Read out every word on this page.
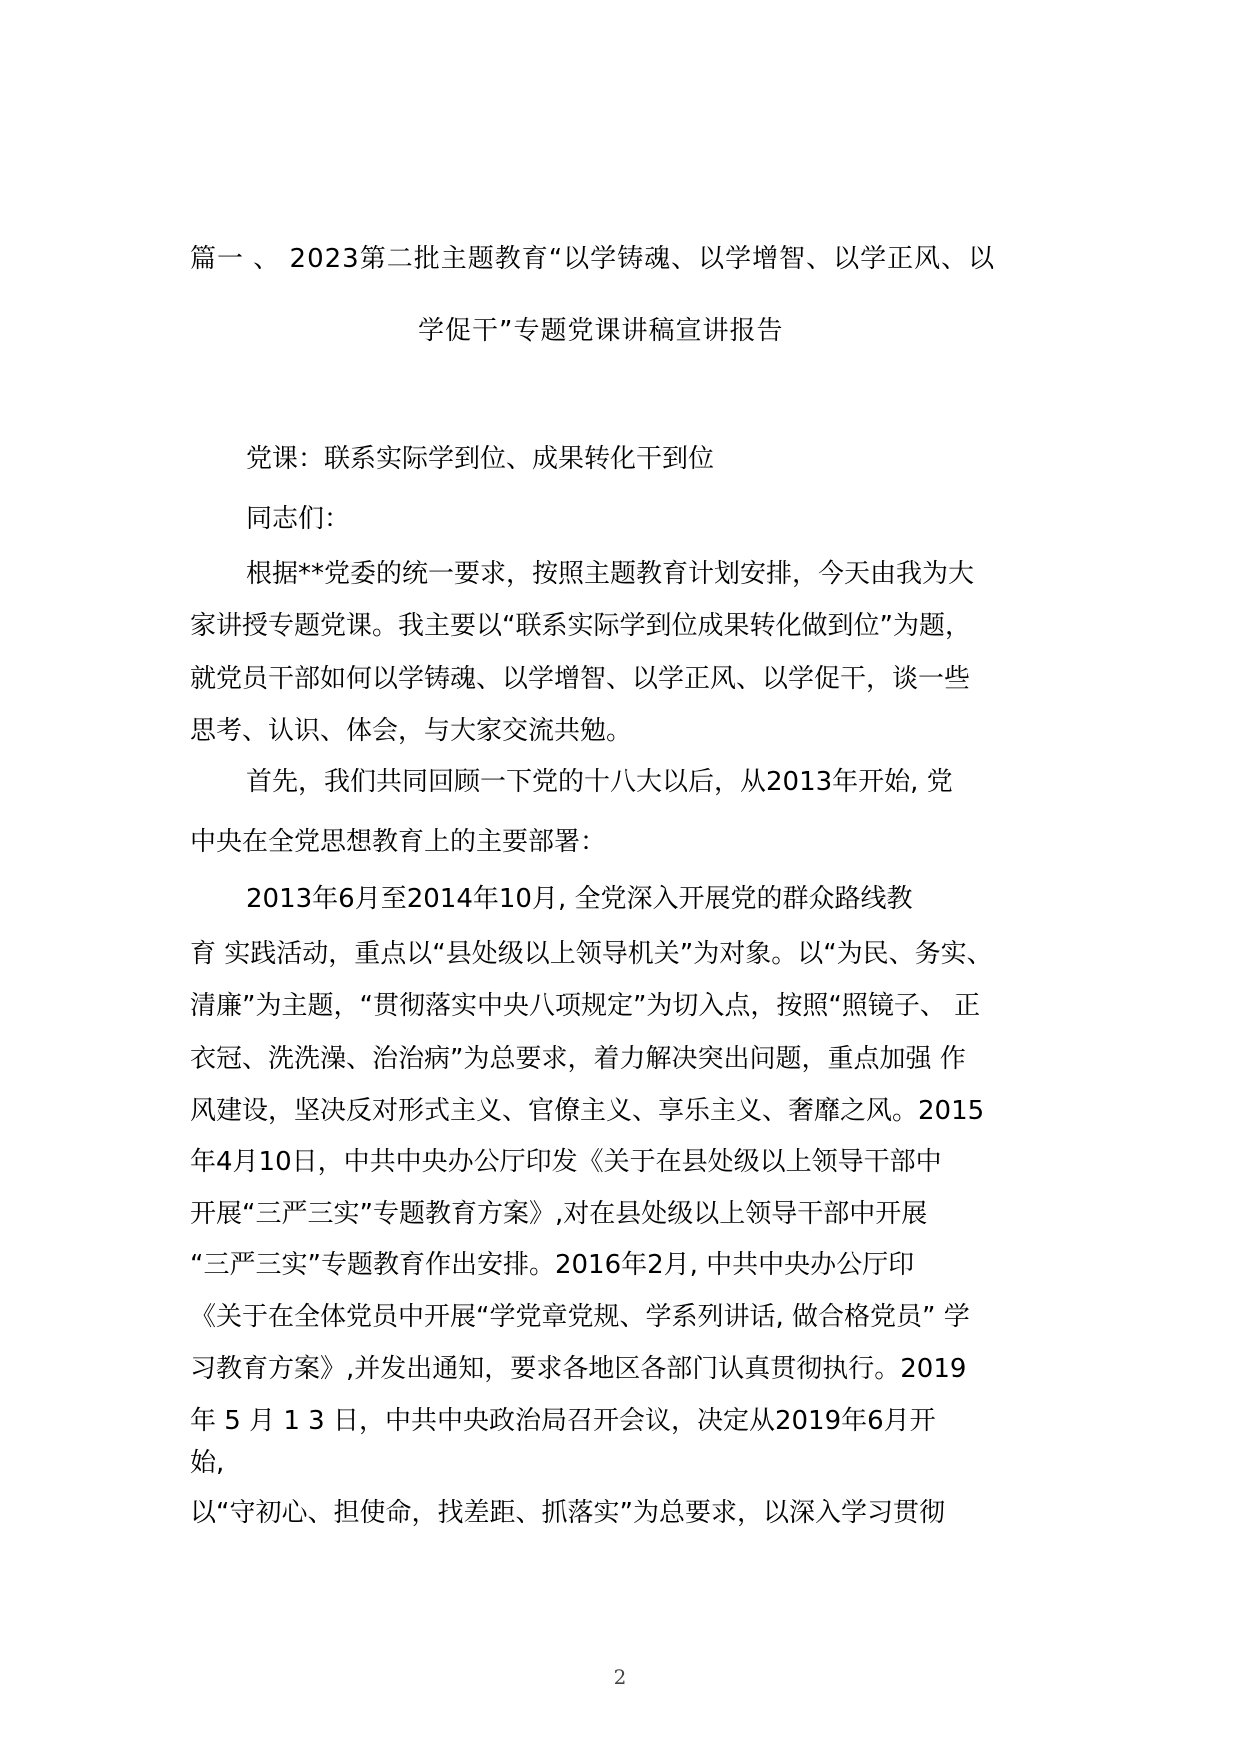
篇一 、 2023第二批主题教育“以学铸魂、以学增智、以学正风、以
学促干”专题党课讲稿宣讲报告
党课：联系实际学到位、成果转化干到位
同志们：
根据**党委的统一要求，按照主题教育计划安排，今天由我为大
家讲授专题党课。我主要以“联系实际学到位成果转化做到位”为题，
就党员干部如何以学铸魂、以学增智、以学正风、以学促干，谈一些
思考、认识、体会，与大家交流共勉。
首先，我们共同回顾一下党的十八大以后，从2013年开始, 党
中央在全党思想教育上的主要部署：
2013年6月至2014年10月, 全党深入开展党的群众路线教
育 实践活动，重点以“县处级以上领导机关”为对象。以“为民、务实、
清廉”为主题，“贯彻落实中央八项规定”为切入点，按照“照镜子、 正
衣冠、洗洗澡、治治病”为总要求，着力解决突出问题，重点加强 作
风建设，坚决反对形式主义、官僚主义、享乐主义、奢靡之风。2015
年4月10日，中共中央办公厅印发《关于在县处级以上领导干部中
开展“三严三实”专题教育方案》,对在县处级以上领导干部中开展
“三严三实”专题教育作出安排。2016年2月, 中共中央办公厅印
《关于在全体党员中开展“学党章党规、学系列讲话, 做合格党员” 学
习教育方案》,并发出通知，要求各地区各部门认真贯彻执行。2019
年 5 月 1 3 日，中共中央政治局召开会议，决定从2019年6月开
始,
以“守初心、担使命，找差距、抓落实”为总要求，以深入学习贯彻
2
